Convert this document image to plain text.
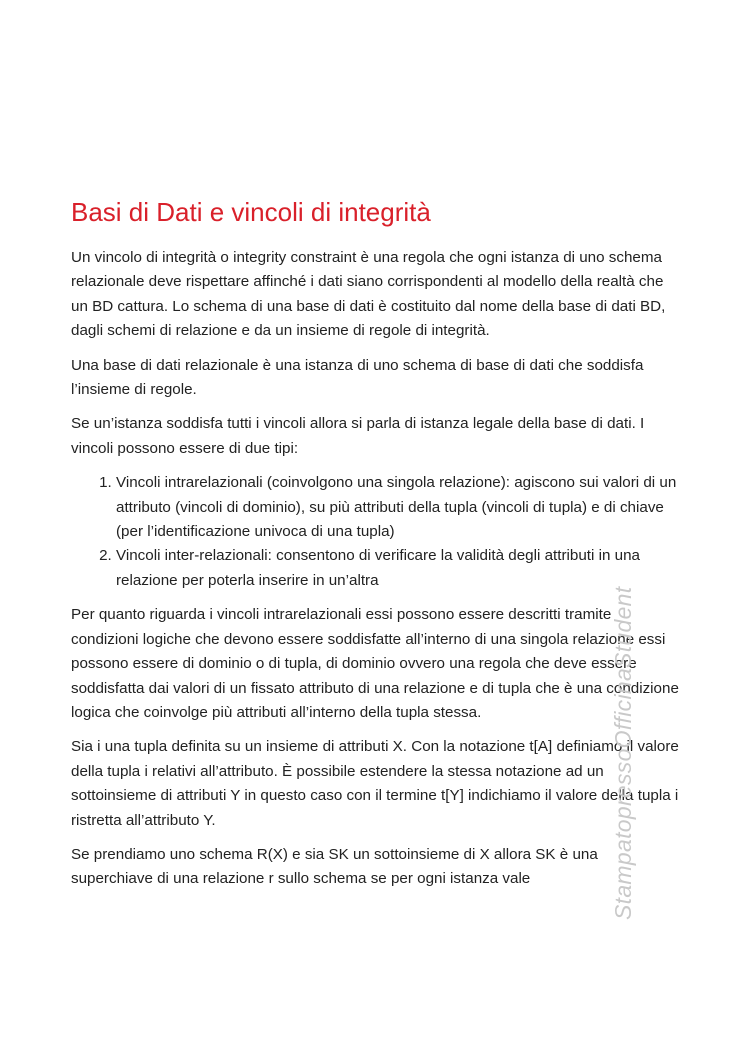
Basi di Dati e vincoli di integrità

Un vincolo di integrità o integrity constraint è una regola che ogni istanza di uno schema relazionale deve rispettare affinché i dati siano corrispondenti al modello della realtà che un BD cattura. Lo schema di una base di dati è costituito dal nome della base di dati BD, dagli schemi di relazione e da un insieme di regole di integrità.

Una base di dati relazionale è una istanza di uno schema di base di dati che soddisfa l’insieme di regole.

Se un’istanza soddisfa tutti i vincoli allora si parla di istanza legale della base di dati. I vincoli possono essere di due tipi:

1. Vincoli intrarelazionali (coinvolgono una singola relazione): agiscono sui valori di un attributo (vincoli di dominio), su più attributi della tupla (vincoli di tupla) e di chiave (per l’identificazione univoca di una tupla)
2. Vincoli inter-relazionali: consentono di verificare la validità degli attributi in una relazione per poterla inserire in un’altra

Per quanto riguarda i vincoli intrarelazionali essi possono essere descritti tramite condizioni logiche che devono essere soddisfatte all’interno di una singola relazione essi possono essere di dominio o di tupla, di dominio ovvero una regola che deve essere soddisfatta dai valori di un fissato attributo di una relazione e di tupla che è una condizione logica che coinvolge più attributi all’interno della tupla stessa.

Sia i una tupla definita su un insieme di attributi X. Con la notazione t[A] definiamo il valore della tupla i relativi all’attributo. È possibile estendere la stessa notazione ad un sottoinsieme di attributi Y in questo caso con il termine t[Y] indichiamo il valore della tupla i ristretta all’attributo Y.

Se prendiamo uno schema R(X) e sia SK un sottoinsieme di X allora SK è una superchiave di una relazione r sullo schema se per ogni istanza vale	StampatopressoOfficinaStudent
